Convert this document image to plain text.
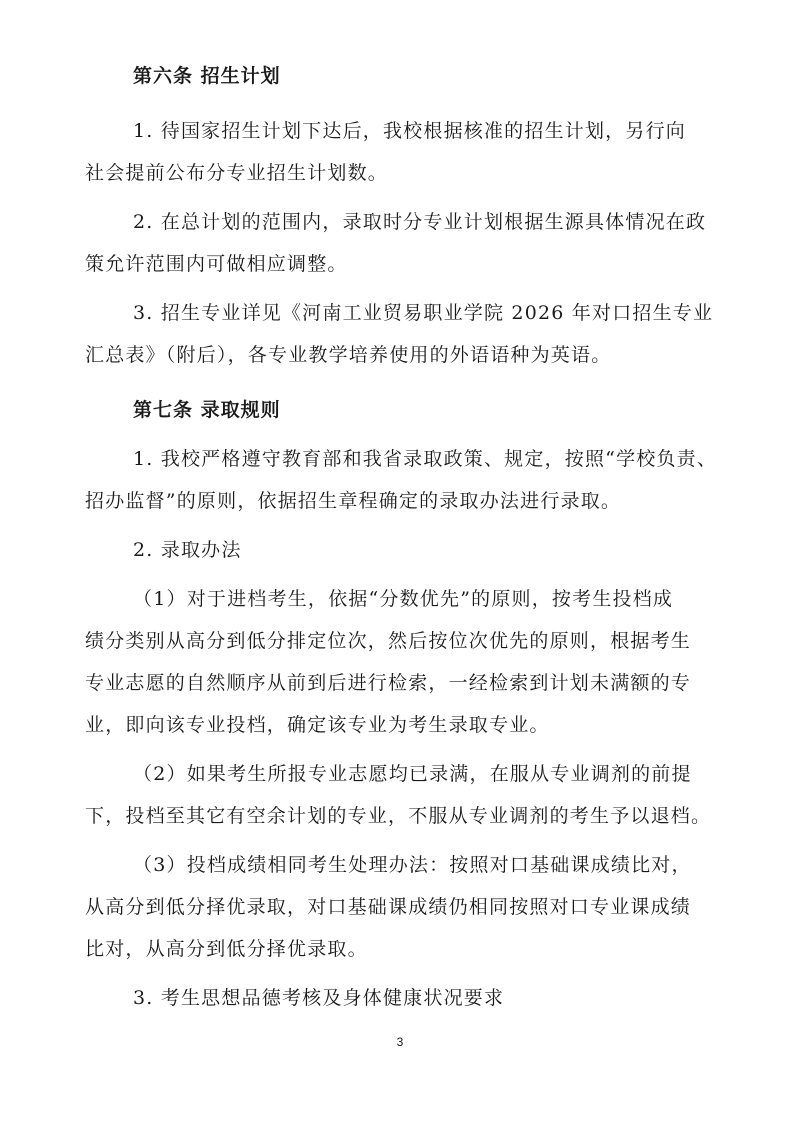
第六条 招生计划
1. 待国家招生计划下达后，我校根据核准的招生计划，另行向
社会提前公布分专业招生计划数。
2. 在总计划的范围内，录取时分专业计划根据生源具体情况在政
策允许范围内可做相应调整。
3. 招生专业详见《河南工业贸易职业学院 2026 年对口招生专业
汇总表》（附后），各专业教学培养使用的外语语种为英语。
第七条 录取规则
1. 我校严格遵守教育部和我省录取政策、规定，按照“学校负责、
招办监督”的原则，依据招生章程确定的录取办法进行录取。
2. 录取办法
（1）对于进档考生，依据“分数优先”的原则，按考生投档成
绩分类别从高分到低分排定位次，然后按位次优先的原则，根据考生
专业志愿的自然顺序从前到后进行检索，一经检索到计划未满额的专
业，即向该专业投档，确定该专业为考生录取专业。
（2）如果考生所报专业志愿均已录满，在服从专业调剂的前提
下，投档至其它有空余计划的专业，不服从专业调剂的考生予以退档。
（3）投档成绩相同考生处理办法：按照对口基础课成绩比对，
从高分到低分择优录取，对口基础课成绩仍相同按照对口专业课成绩
比对，从高分到低分择优录取。
3. 考生思想品德考核及身体健康状况要求
3
